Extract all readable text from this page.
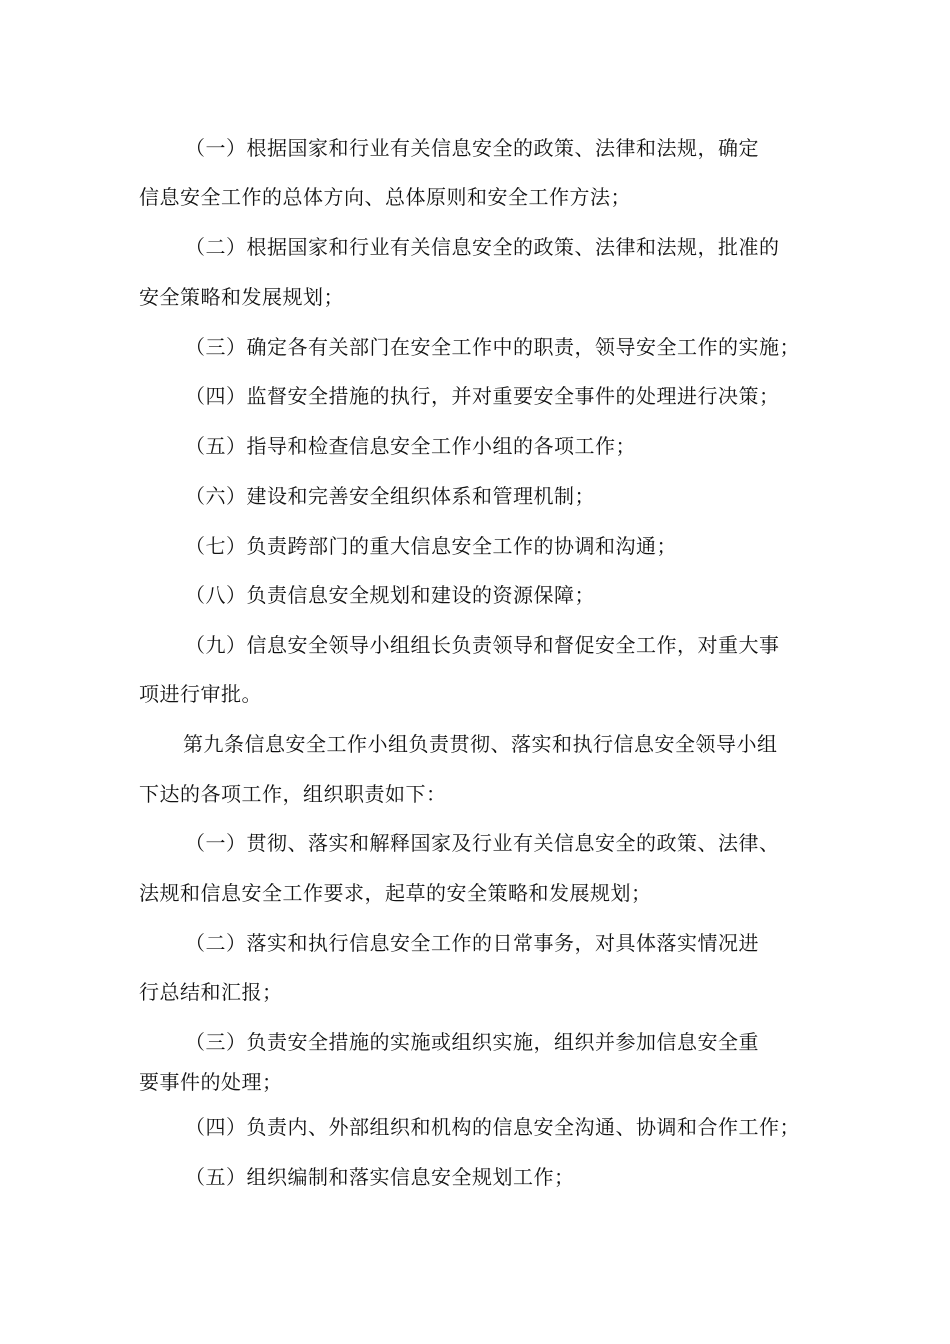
（一）根据国家和行业有关信息安全的政策、法律和法规，确定
信息安全工作的总体方向、总体原则和安全工作方法；
（二）根据国家和行业有关信息安全的政策、法律和法规，批准的
安全策略和发展规划；
（三）确定各有关部门在安全工作中的职责，领导安全工作的实施；
（四）监督安全措施的执行，并对重要安全事件的处理进行决策；
（五）指导和检查信息安全工作小组的各项工作；
（六）建设和完善安全组织体系和管理机制；
（七）负责跨部门的重大信息安全工作的协调和沟通；
（八）负责信息安全规划和建设的资源保障；
（九）信息安全领导小组组长负责领导和督促安全工作，对重大事
项进行审批。
第九条信息安全工作小组负责贯彻、落实和执行信息安全领导小组
下达的各项工作，组织职责如下：
（一）贯彻、落实和解释国家及行业有关信息安全的政策、法律、
法规和信息安全工作要求，起草的安全策略和发展规划；
（二）落实和执行信息安全工作的日常事务，对具体落实情况进
行总结和汇报；
（三）负责安全措施的实施或组织实施，组织并参加信息安全重
要事件的处理；
（四）负责内、外部组织和机构的信息安全沟通、协调和合作工作；
（五）组织编制和落实信息安全规划工作；
